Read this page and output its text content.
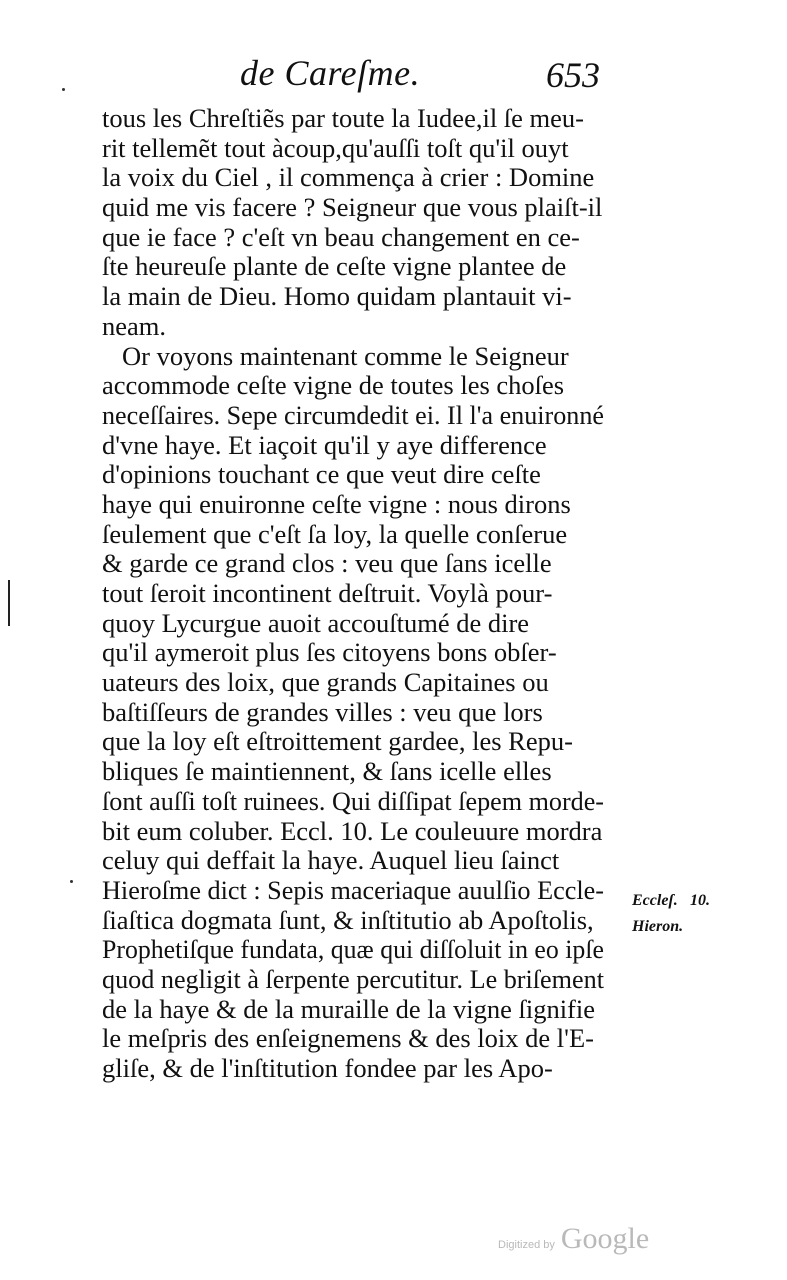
de Careſme.	653
tous les Chreſtiẽs par toute la Iudee,il ſe meu-
rit tellemẽt tout àcoup,qu'auſſi toſt qu'il ouyt
la voix du Ciel , il commença à crier : Domine
quid me vis facere ? Seigneur que vous plaiſt-il
que ie face ? c'eſt vn beau changement en ce-
ſte heureuſe plante de ceſte vigne plantee de
la main de Dieu. Homo quidam plantauit vi-
neam.
Or voyons maintenant comme le Seigneur
accommode ceſte vigne de toutes les choſes
neceſſaires. Sepe circumdedit ei. Il l'a enuironné
d'vne haye. Et iaçoit qu'il y aye difference
d'opinions touchant ce que veut dire ceſte
haye qui enuironne ceſte vigne : nous dirons
ſeulement que c'eſt ſa loy, la quelle conſerue
& garde ce grand clos : veu que ſans icelle
tout ſeroit incontinent deſtruit. Voylà pour-
quoy Lycurgue auoit accouſtumé de dire
qu'il aymeroit plus ſes citoyens bons obſer-
uateurs des loix, que grands Capitaines ou
baſtiſſeurs de grandes villes : veu que lors
que la loy eſt eſtroittement gardee, les Repu-
bliques ſe maintiennent, & ſans icelle elles
ſont auſſi toſt ruinees. Qui diſſipat ſepem morde-
bit eum coluber. Eccl. 10. Le couleuure mordra
celuy qui deffait la haye. Auquel lieu ſainct
Hieroſme dict : Sepis maceriaque auulſio Eccle-
ſiaſtica dogmata ſunt, & inſtitutio ab Apoſtolis,
Prophetiſque fundata, quæ qui diſſoluit in eo ipſe
quod negligit à ſerpente percutitur. Le briſement
de la haye & de la muraille de la vigne ſignifie
le meſpris des enſeignemens & des loix de l'E-
gliſe, & de l'inſtitution fondee par les Apo-
Eccleſ. 10.
Hieron.
Digitized by Google
